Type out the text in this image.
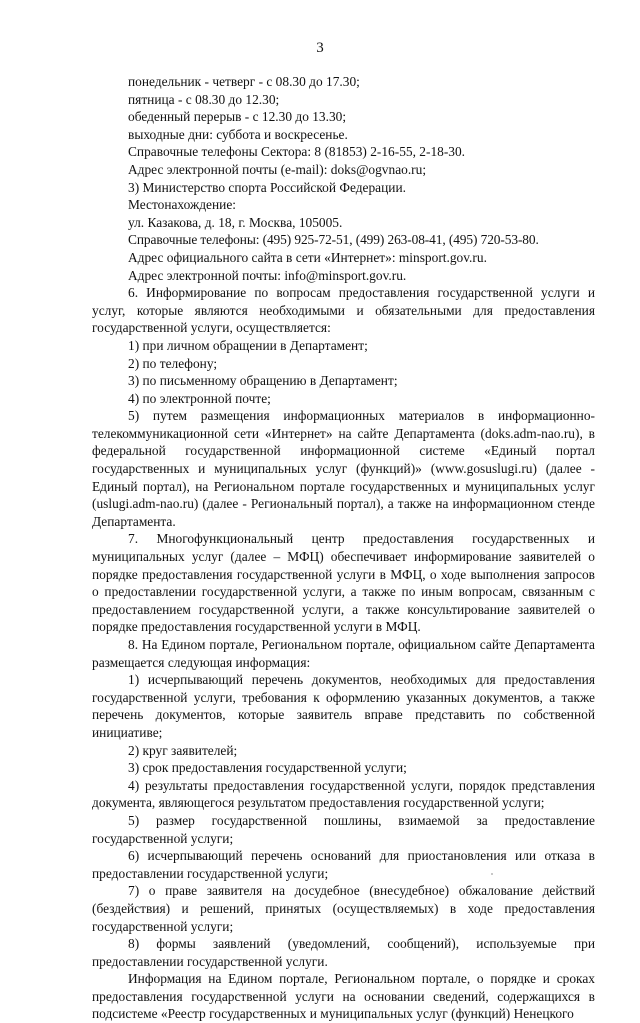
3

понедельник - четверг - с 08.30 до 17.30;

пятница - с 08.30 до 12.30;

обеденный перерыв - с 12.30 до 13.30;

выходные дни: суббота и воскресенье.

Справочные телефоны Сектора: 8 (81853) 2-16-55, 2-18-30.

Адрес электронной почты (e-mail): doks@ogvnao.ru;

3) Министерство спорта Российской Федерации.

Местонахождение:

ул. Казакова, д. 18, г. Москва, 105005.

Справочные телефоны: (495) 925-72-51, (499) 263-08-41, (495) 720-53-80.

Адрес официального сайта в сети «Интернет»: minsport.gov.ru.

Адрес электронной почты: info@minsport.gov.ru.

6. Информирование по вопросам предоставления государственной услуги и услуг, которые являются необходимыми и обязательными для предоставления государственной услуги, осуществляется:

1) при личном обращении в Департамент;

2) по телефону;

3) по письменному обращению в Департамент;

4) по электронной почте;

5) путем размещения информационных материалов в информационно-телекоммуникационной сети «Интернет» на сайте Департамента (doks.adm-nao.ru), в федеральной государственной информационной системе «Единый портал государственных и муниципальных услуг (функций)» (www.gosuslugi.ru) (далее - Единый портал), на Региональном портале государственных и муниципальных услуг (uslugi.adm-nao.ru) (далее - Региональный портал), а также на информационном стенде Департамента.

7. Многофункциональный центр предоставления государственных и муниципальных услуг (далее – МФЦ) обеспечивает информирование заявителей о порядке предоставления государственной услуги в МФЦ, о ходе выполнения запросов о предоставлении государственной услуги, а также по иным вопросам, связанным с предоставлением государственной услуги, а также консультирование заявителей о порядке предоставления государственной услуги в МФЦ.

8. На Едином портале, Региональном портале, официальном сайте Департамента размещается следующая информация:

1) исчерпывающий перечень документов, необходимых для предоставления государственной услуги, требования к оформлению указанных документов, а также перечень документов, которые заявитель вправе представить по собственной инициативе;

2) круг заявителей;

3) срок предоставления государственной услуги;

4) результаты предоставления государственной услуги, порядок представления документа, являющегося результатом предоставления государственной услуги;

5) размер государственной пошлины, взимаемой за предоставление государственной услуги;

6) исчерпывающий перечень оснований для приостановления или отказа в предоставлении государственной услуги;

7) о праве заявителя на досудебное (внесудебное) обжалование действий (бездействия) и решений, принятых (осуществляемых) в ходе предоставления государственной услуги;

8) формы заявлений (уведомлений, сообщений), используемые при предоставлении государственной услуги.

Информация на Едином портале, Региональном портале, о порядке и сроках предоставления государственной услуги на основании сведений, содержащихся в подсистеме «Реестр государственных и муниципальных услуг (функций) Ненецкого
